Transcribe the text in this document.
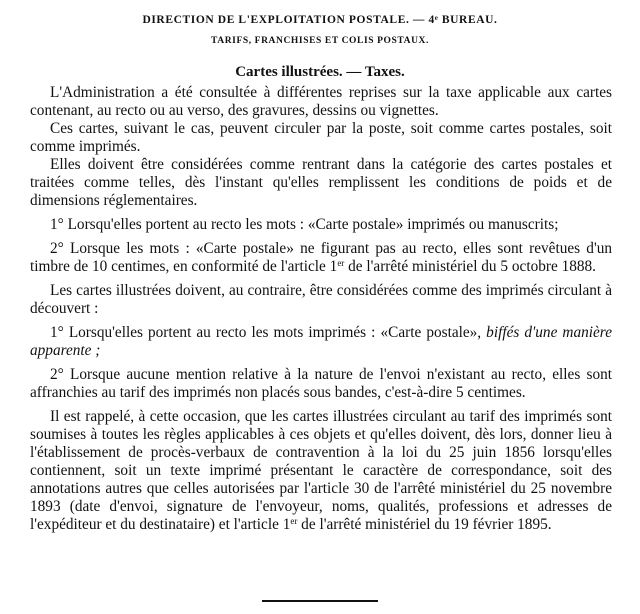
DIRECTION DE L'EXPLOITATION POSTALE. — 4ᵉ BUREAU.
TARIFS, FRANCHISES ET COLIS POSTAUX.
Cartes illustrées. — Taxes.

L'Administration a été consultée à différentes reprises sur la taxe applicable aux cartes contenant, au recto ou au verso, des gravures, dessins ou vignettes.

Ces cartes, suivant le cas, peuvent circuler par la poste, soit comme cartes postales, soit comme imprimés.

Elles doivent être considérées comme rentrant dans la catégorie des cartes postales et traitées comme telles, dès l'instant qu'elles remplissent les conditions de poids et de dimensions réglementaires.

1° Lorsqu'elles portent au recto les mots : «Carte postale» imprimés ou manuscrits;

2° Lorsque les mots : «Carte postale» ne figurant pas au recto, elles sont revêtues d'un timbre de 10 centimes, en conformité de l'article 1er de l'arrêté ministériel du 5 octobre 1888.

Les cartes illustrées doivent, au contraire, être considérées comme des imprimés circulant à découvert :

1° Lorsqu'elles portent au recto les mots imprimés : «Carte postale», biffés d'une manière apparente ;

2° Lorsque aucune mention relative à la nature de l'envoi n'existant au recto, elles sont affranchies au tarif des imprimés non placés sous bandes, c'est-à-dire 5 centimes.

Il est rappelé, à cette occasion, que les cartes illustrées circulant au tarif des imprimés sont soumises à toutes les règles applicables à ces objets et qu'elles doivent, dès lors, donner lieu à l'établissement de procès-verbaux de contravention à la loi du 25 juin 1856 lorsqu'elles contiennent, soit un texte imprimé présentant le caractère de correspondance, soit des annotations autres que celles autorisées par l'article 30 de l'arrêté ministériel du 25 novembre 1893 (date d'envoi, signature de l'envoyeur, noms, qualités, professions et adresses de l'expéditeur et du destinataire) et l'article 1er de l'arrêté ministériel du 19 février 1895.
